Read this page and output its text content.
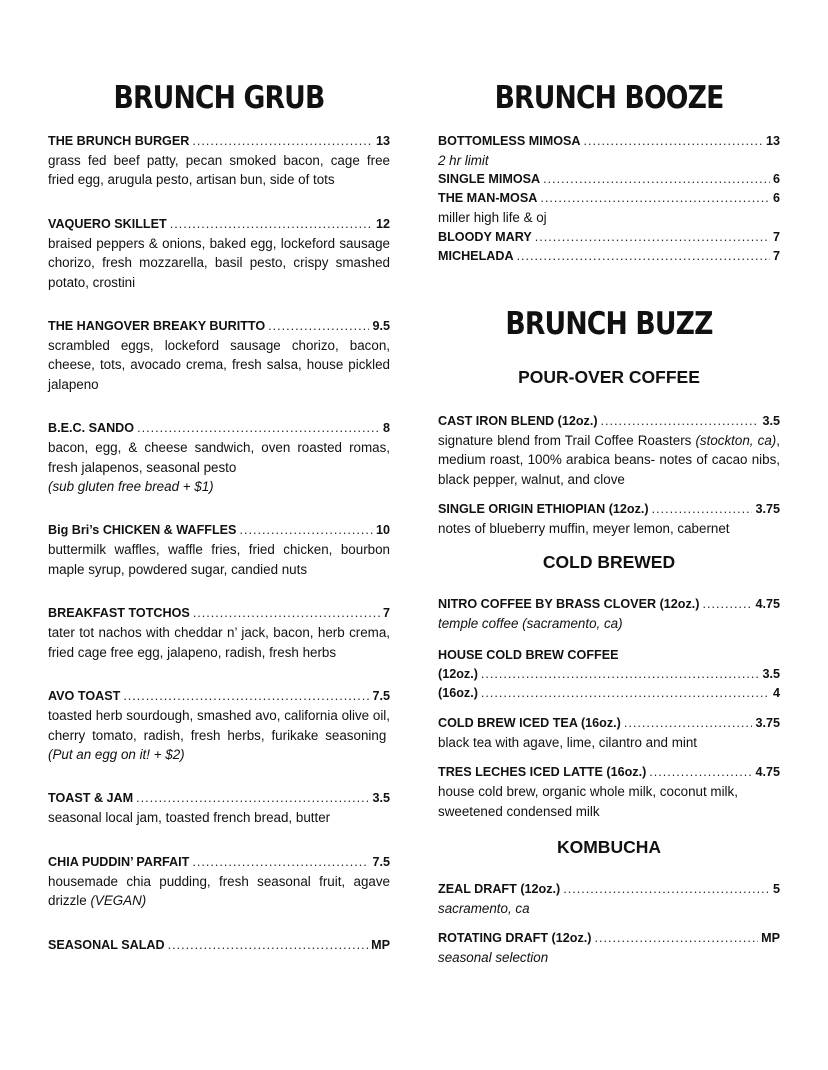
BRUNCH GRUB
THE BRUNCH BURGER .....	13

grass fed beef patty, pecan smoked bacon, cage free fried egg, arugula pesto, artisan bun, side of tots

VAQUERO SKILLET .....	12

braised peppers & onions, baked egg, lockeford sausage chorizo, fresh mozzarella, basil pesto, crispy smashed potato, crostini

THE HANGOVER BREAKY BURITTO .....	9.5

scrambled eggs, lockeford sausage chorizo, bacon, cheese, tots, avocado crema, fresh salsa, house pickled jalapeno

B.E.C. SANDO .....	8

bacon, egg, & cheese sandwich, oven roasted romas, fresh jalapenos, seasonal pesto

(sub gluten free bread + $1)

Big Bri’s CHICKEN & WAFFLES .....	10

buttermilk waffles, waffle fries, fried chicken, bourbon maple syrup, powdered sugar, candied nuts

BREAKFAST TOTCHOS .....	7

tater tot nachos with cheddar n’ jack, bacon, herb crema, fried cage free egg, jalapeno, radish, fresh herbs

AVO TOAST .....	7.5

toasted herb sourdough, smashed avo, california olive oil, cherry tomato, radish, fresh herbs, furikake seasoning  (Put an egg on it! + $2)

TOAST & JAM .....	3.5

seasonal local jam, toasted french bread, butter

CHIA PUDDIN’ PARFAIT .....	7.5

housemade chia pudding, fresh seasonal fruit, agave drizzle (VEGAN)

SEASONAL SALAD .....	MP
BRUNCH BOOZE
BOTTOMLESS MIMOSA .....	13

2 hr limit

SINGLE MIMOSA .....	6
THE MAN-MOSA .....	6

miller high life & oj

BLOODY MARY .....	7
MICHELADA .....	7
BRUNCH BUZZ
POUR-OVER COFFEE
CAST IRON BLEND (12oz.) .....	3.5

signature blend from Trail Coffee Roasters (stockton, ca), medium roast, 100% arabica beans- notes of cacao nibs, black pepper, walnut, and clove

SINGLE ORIGIN ETHIOPIAN (12oz.) .....	3.75

notes of blueberry muffin, meyer lemon, cabernet

COLD BREWED
NITRO COFFEE BY BRASS CLOVER (12oz.) .....	4.75

temple coffee (sacramento, ca)

HOUSE COLD BREW COFFEE
(12oz.) .....	3.5
(16oz.) .....	4
COLD BREW ICED TEA (16oz.) .....	3.75

black tea with agave, lime, cilantro and mint

TRES LECHES ICED LATTE (16oz.) .....	4.75

house cold brew, organic whole milk, coconut milk, sweetened condensed milk

KOMBUCHA
ZEAL DRAFT (12oz.) .....	5

sacramento, ca

ROTATING DRAFT (12oz.) .....	MP

seasonal selection
